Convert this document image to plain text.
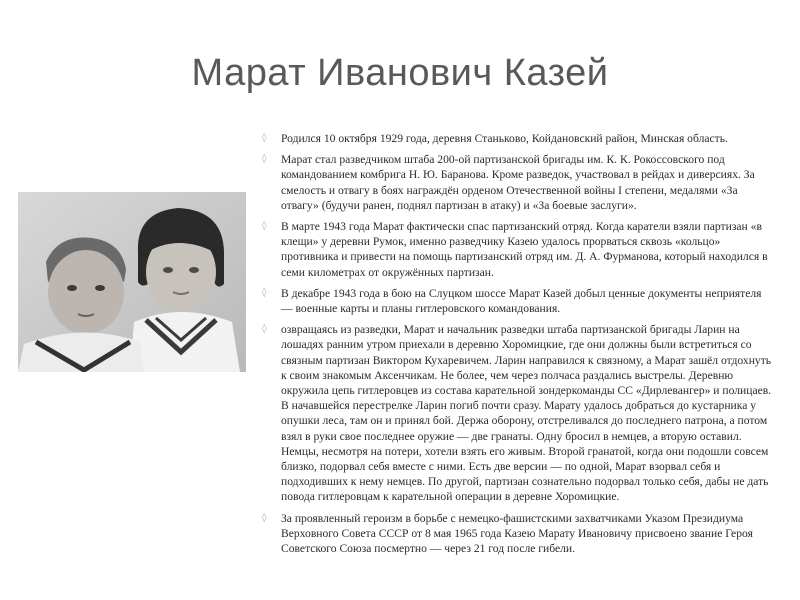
Марат Иванович Казей
◊ Родился 10 октября 1929 года, деревня Станьково, Койдановский район, Минская область.
◊ Марат стал разведчиком штаба 200-ой партизанской бригады им. К. К. Рокоссовского под командованием комбрига Н. Ю. Баранова. Кроме разведок, участвовал в рейдах и диверсиях. За смелость и отвагу в боях награждён орденом Отечественной войны I степени, медалями «За отвагу» (будучи ранен, поднял партизан в атаку) и «За боевые заслуги».
◊ В марте 1943 года Марат фактически спас партизанский отряд. Когда каратели взяли партизан «в клещи» у деревни Румок, именно разведчику Казею удалось прорваться сквозь «кольцо» противника и привести на помощь партизанский отряд им. Д. А. Фурманова, который находился в семи километрах от окружённых партизан.
◊ В декабре 1943 года в бою на Слуцком шоссе Марат Казей добыл ценные документы неприятеля — военные карты и планы гитлеровского командования.
◊ озвращаясь из разведки, Марат и начальник разведки штаба партизанской бригады Ларин на лошадях ранним утром приехали в деревню Хоромицкие, где они должны были встретиться со связным партизан Виктором Кухаревичем. Ларин направился к связному, а Марат зашёл отдохнуть к своим знакомым Аксенчикам. Не более, чем через полчаса раздались выстрелы. Деревню окружила цепь гитлеровцев из состава карательной зондеркоманды СС «Дирлевангер» и полицаев. В начавшейся перестрелке Ларин погиб почти сразу. Марату удалось добраться до кустарника у опушки леса, там он и принял бой. Держа оборону, отстреливался до последнего патрона, а потом взял в руки свое последнее оружие — две гранаты. Одну бросил в немцев, а вторую оставил. Немцы, несмотря на потери, хотели взять его живым. Второй гранатой, когда они подошли совсем близко, подорвал себя вместе с ними. Есть две версии — по одной, Марат взорвал себя и подходивших к нему немцев. По другой, партизан сознательно подорвал только себя, дабы не дать повода гитлеровцам к карательной операции в деревне Хоромицкие.
◊ За проявленный героизм в борьбе с немецко-фашистскими захватчиками Указом Президиума Верховного Совета СССР от 8 мая 1965 года Казею Марату Ивановичу присвоено звание Героя Советского Союза посмертно — через 21 год после гибели.
